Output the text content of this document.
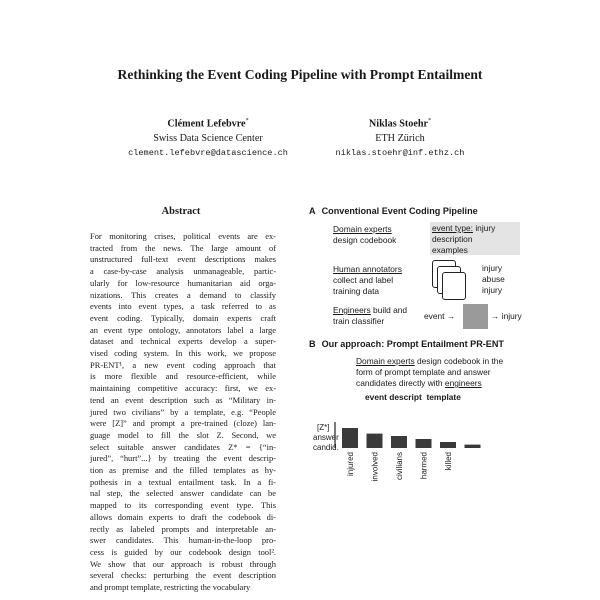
Rethinking the Event Coding Pipeline with Prompt Entailment
Clément Lefebvre*
Swiss Data Science Center
clement.lefebvre@datascience.ch
Niklas Stoehr*
ETH Zürich
niklas.stoehr@inf.ethz.ch
Abstract
For monitoring crises, political events are ex-
tracted from the news. The large amount of
unstructured full-text event descriptions makes
a case-by-case analysis unmanageable, partic-
ularly for low-resource humanitarian aid orga-
nizations. This creates a demand to classify
events into event types, a task referred to as
event coding. Typically, domain experts craft
an event type ontology, annotators label a large
dataset and technical experts develop a super-
vised coding system. In this work, we propose
PR-ENT¹, a new event coding approach that
is more flexible and resource-efficient, while
maintaining competitive accuracy: first, we ex-
tend an event description such as “Military in-
jured two civilians” by a template, e.g. “People
were [Z]” and prompt a pre-trained (cloze) lan-
guage model to fill the slot Z. Second, we
select suitable answer candidates Z* = {“in-
jured”, “hurt”...} by treating the event descrip-
tion as premise and the filled templates as hy-
pothesis in a textual entailment task. In a fi-
nal step, the selected answer candidate can be
mapped to its corresponding event type. This
allows domain experts to draft the codebook di-
rectly as labeled prompts and interpretable an-
swer candidates. This human-in-the-loop pro-
cess is guided by our codebook design tool².
We show that our approach is robust through
several checks: perturbing the event description
and prompt template, restricting the vocabulary
A Conventional Event Coding Pipeline
Domain experts
design codebook
event type: injury
description
examples
Human annotators
collect and label
training data
injury
abuse
injury
Engineers build and
train classifier	event →	→ injury
B Our approach: Prompt Entailment PR-ENT
Domain experts design codebook in the
form of prompt template and answer
candidates directly with engineers
event descript  template
[Z*]
answer
candid.
injured involved civilians harmed killed
